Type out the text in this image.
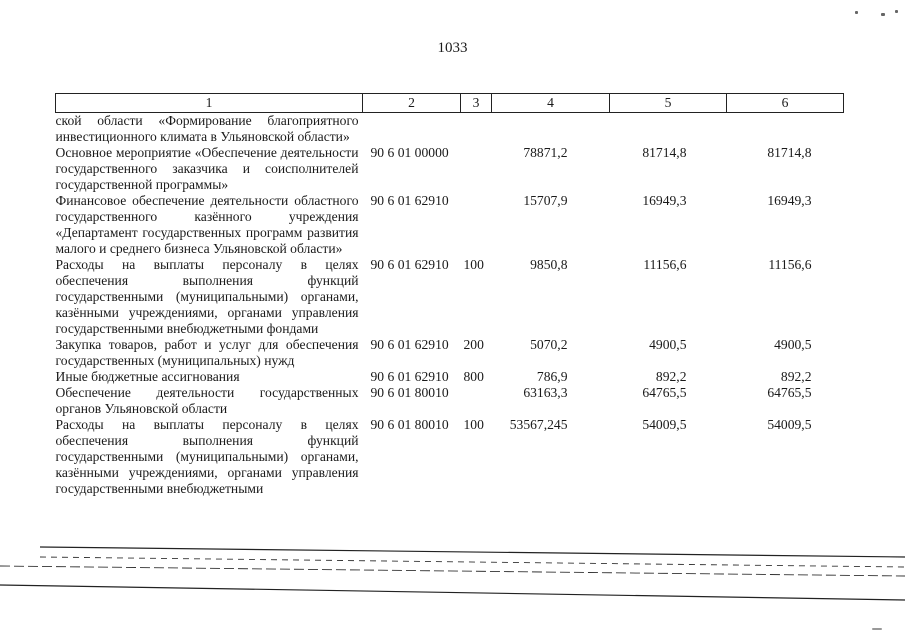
1033
1	2	3	4	5	6
ской области «Формирование благоприятного инвестиционного климата в Ульяновской области»					
Основное мероприятие «Обеспечение деятельности государственного заказчика и соисполнителей государственной программы»	90 6 01 00000		78871,2	81714,8	81714,8
Финансовое обеспечение деятельности областного государственного казённого учреждения «Департамент государственных программ развития малого и среднего бизнеса Ульяновской области»	90 6 01 62910		15707,9	16949,3	16949,3
Расходы на выплаты персоналу в целях обеспечения выполнения функций государственными (муниципальными) органами, казёнными учреждениями, органами управления государственными внебюджетными фондами	90 6 01 62910	100	9850,8	11156,6	11156,6
Закупка товаров, работ и услуг для обеспечения государственных (муниципальных) нужд	90 6 01 62910	200	5070,2	4900,5	4900,5
Иные бюджетные ассигнования	90 6 01 62910	800	786,9	892,2	892,2
Обеспечение деятельности государственных органов Ульяновской области	90 6 01 80010		63163,3	64765,5	64765,5
Расходы на выплаты персоналу в целях обеспечения выполнения функций государственными (муниципальными) органами, казёнными учреждениями, органами управления государственными внебюджетными	90 6 01 80010	100	53567,245	54009,5	54009,5
